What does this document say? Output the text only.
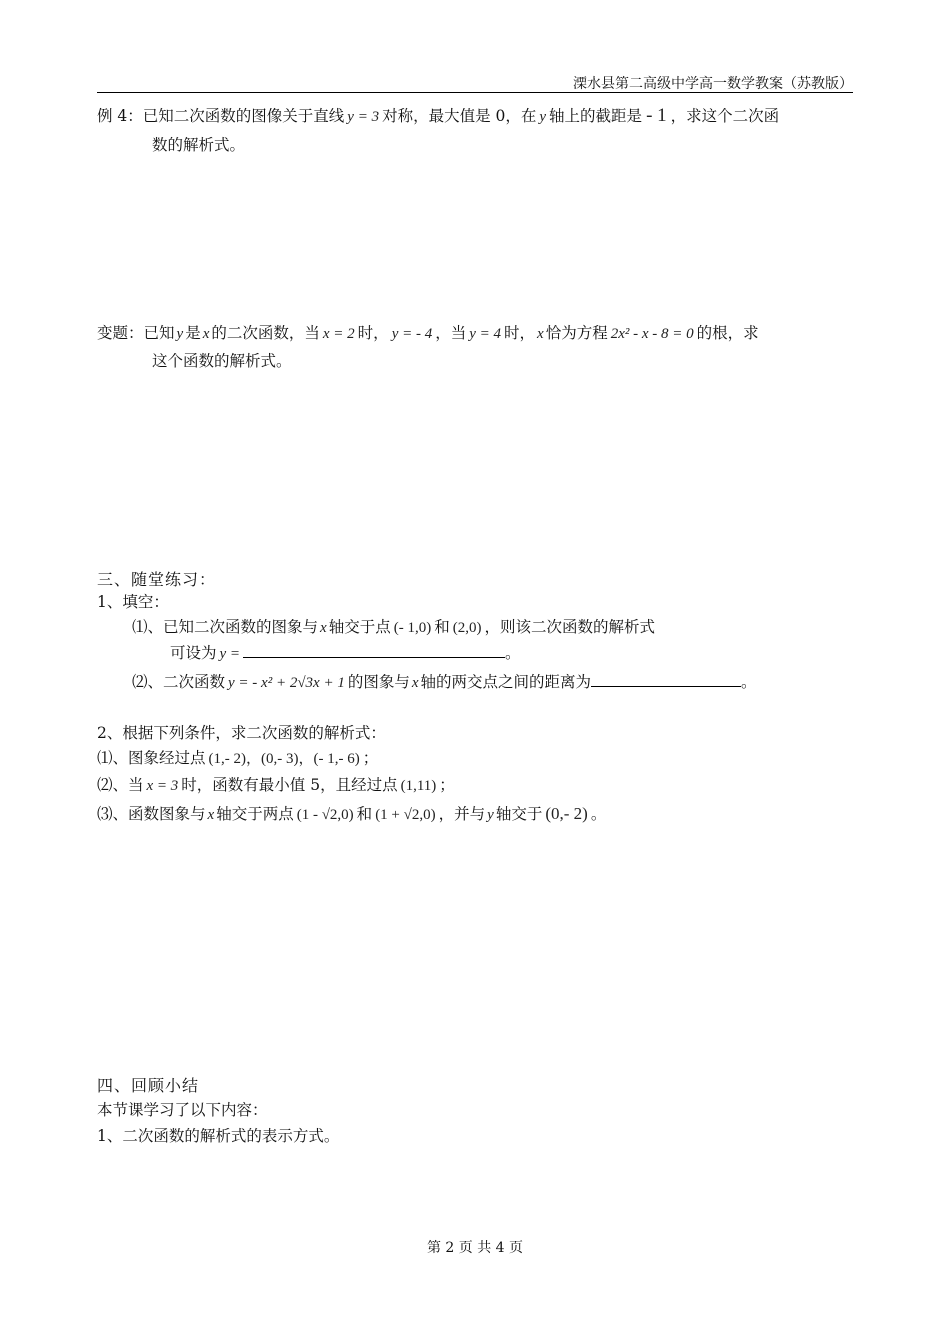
溧水县第二高级中学高一数学教案（苏教版）
例 4：已知二次函数的图像关于直线 y = 3 对称，最大值是 0，在 y 轴上的截距是 - 1 ，求这个二次函
数的解析式。
变题：已知 y 是 x 的二次函数，当 x = 2 时， y = - 4 ，当 y = 4 时， x 恰为方程 2x² - x - 8 = 0 的根，求
这个函数的解析式。
三、随堂练习：
1、填空：
⑴、已知二次函数的图象与 x 轴交于点 (- 1,0) 和 (2,0) ，则该二次函数的解析式
可设为 y =	。
⑵、二次函数 y = - x² + 2√3x + 1 的图象与 x 轴的两交点之间的距离为	。
2、根据下列条件，求二次函数的解析式：
⑴、图象经过点 (1,- 2)，(0,- 3)，(- 1,- 6) ；
⑵、当 x = 3 时，函数有最小值 5，且经过点 (1,11) ；
⑶、函数图象与 x 轴交于两点 (1 - √2,0) 和 (1 + √2,0) ，并与 y 轴交于 (0,- 2) 。
四、回顾小结
本节课学习了以下内容：
1、二次函数的解析式的表示方式。
第 2 页 共 4 页
